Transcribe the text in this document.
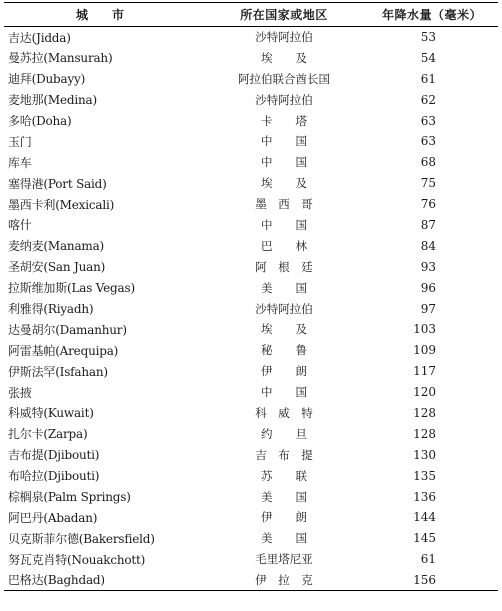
城　市	所在国家或地区	年降水量（毫米）
吉达(Jidda)	沙特阿拉伯	53
曼苏拉(Mansurah)	埃　　及	54
迪拜(Dubayy)	阿拉伯联合酋长国	61
麦地那(Medina)	沙特阿拉伯	62
多哈(Doha)	卡　　塔	63
玉门	中　　国	63
库车	中　　国	68
塞得港(Port Said)	埃　　及	75
墨西卡利(Mexicali)	墨　西　哥	76
喀什	中　　国	87
麦纳麦(Manama)	巴　　林	84
圣胡安(San Juan)	阿　根　廷	93
拉斯维加斯(Las Vegas)	美　　国	96
利雅得(Riyadh)	沙特阿拉伯	97
达曼胡尔(Damanhur)	埃　　及	103
阿雷基帕(Arequipa)	秘　　鲁	109
伊斯法罕(Isfahan)	伊　　朗	117
张掖	中　　国	120
科威特(Kuwait)	科　威　特	128
扎尔卡(Zarpa)	约　　旦	128
吉布提(Djibouti)	吉　布　提	130
布哈拉(Djibouti)	苏　　联	135
棕榈泉(Palm Springs)	美　　国	136
阿巴丹(Abadan)	伊　　朗	144
贝克斯菲尔德(Bakersfield)	美　　国	145
努瓦克肖特(Nouakchott)	毛里塔尼亚	61
巴格达(Baghdad)	伊　拉　克	156
